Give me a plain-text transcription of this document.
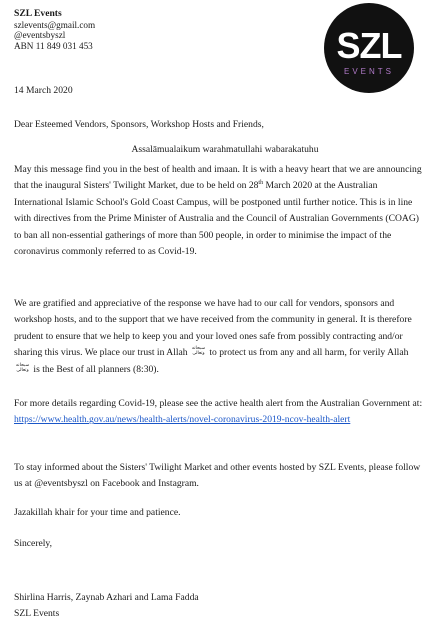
SZL Events
szlevents@gmail.com
@eventsbyszl
ABN 11 849 031 453	SZL
EVENTS
14 March 2020
Dear Esteemed Vendors, Sponsors, Workshop Hosts and Friends,
Assalāmualaikum warahmatullahi wabarakatuhu
May this message find you in the best of health and imaan. It is with a heavy heart that we are announcing that the inaugural Sisters' Twilight Market, due to be held on 28th March 2020 at the Australian International Islamic School's Gold Coast Campus, will be postponed until further notice. This is in line with directives from the Prime Minister of Australia and the Council of Australian Governments (COAG) to ban all non-essential gatherings of more than 500 people, in order to minimise the impact of the coronavirus commonly referred to as Covid-19.
We are gratified and appreciative of the response we have had to our call for vendors, sponsors and workshop hosts, and to the support that we have received from the community in general. It is therefore prudent to ensure that we help to keep you and your loved ones safe from possibly contracting and/or sharing this virus. We place our trust in Allah سبحانه
وتعالى to protect us from any and all harm, for verily Allah سبحانه
وتعالى is the Best of all planners (8:30).
For more details regarding Covid-19, please see the active health alert from the Australian Government at: https://www.health.gov.au/news/health-alerts/novel-coronavirus-2019-ncov-health-alert
To stay informed about the Sisters' Twilight Market and other events hosted by SZL Events, please follow us at @eventsbyszl on Facebook and Instagram.
Jazakillah khair for your time and patience.
Sincerely,
Shirlina Harris, Zaynab Azhari and Lama Fadda
SZL Events
